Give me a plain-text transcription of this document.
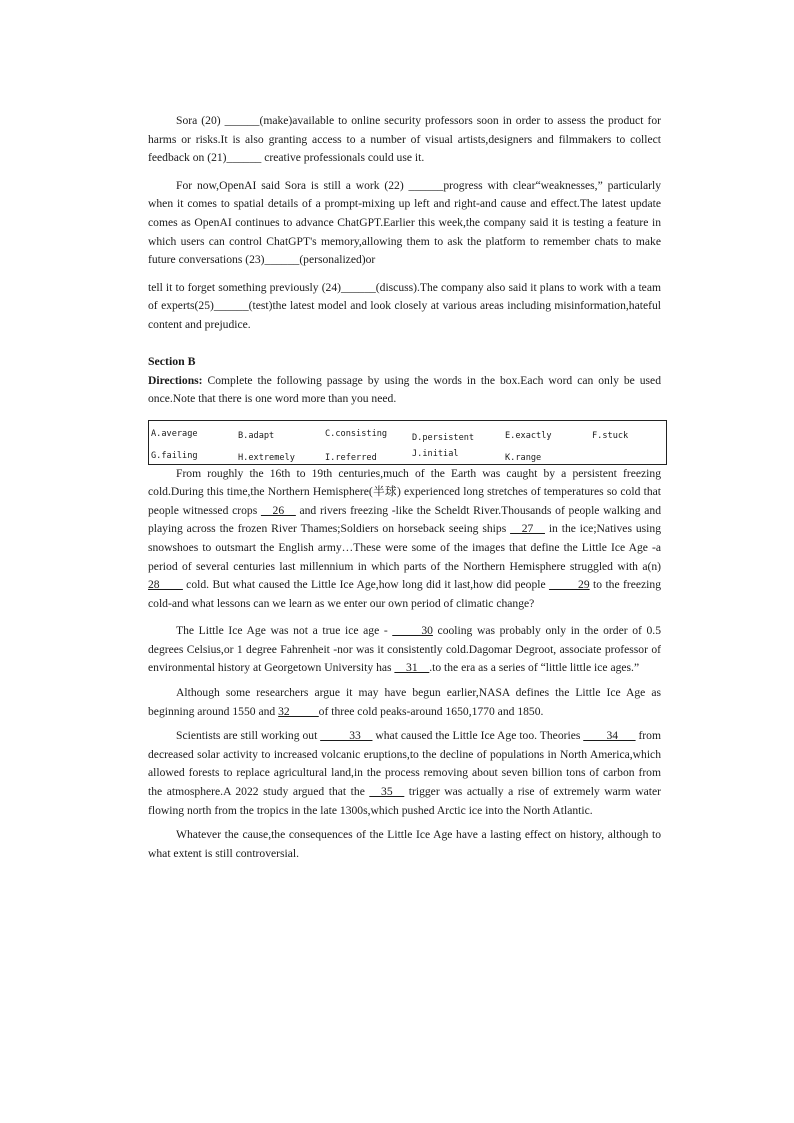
Sora (20) ______(make)available to online security professors soon in order to assess the product for harms or risks.It is also granting access to a number of visual artists,designers and filmmakers to collect feedback on (21)______ creative professionals could use it.

For now,OpenAI said Sora is still a work (22) ______progress with clear“weaknesses,” particularly when it comes to spatial details of a prompt-mixing up left and right-and cause and effect.The latest update comes as OpenAI continues to advance ChatGPT.Earlier this week,the company said it is testing a feature in which users can control ChatGPT's memory,allowing them to ask the platform to remember chats to make future conversations (23)______(personalized)or

tell it to forget something previously (24)______(discuss).The company also said it plans to work with a team of experts(25)______(test)the latest model and look closely at various areas including misinformation,hateful content and prejudice.

Section B

Directions: Complete the following passage by using the words in the box.Each word can only be used once.Note that there is one word more than you need.

A.average	B.adapt	C.consisting	D.persistent	E.exactly	F.stuck
G.failing	H.extremely	I.referred	J.initial	K.range

From roughly the 16th to 19th centuries,much of the Earth was caught by a persistent freezing cold.During this time,the Northern Hemisphere(半球) experienced long stretches of temperatures so cold that people witnessed crops __26__ and rivers freezing -like the Scheldt River.Thousands of people walking and playing across the frozen River Thames;Soldiers on horseback seeing ships __27__ in the ice;Natives using snowshoes to outsmart the English army…These were some of the images that define the Little Ice Age -a period of several centuries last millennium in which parts of the Northern Hemisphere struggled with a(n) 28____ cold. But what caused the Little Ice Age,how long did it last,how did people _____29 to the freezing cold-and what lessons can we learn as we enter our own period of climatic change?

The Little Ice Age was not a true ice age - _____30 cooling was probably only in the order of 0.5 degrees Celsius,or 1 degree Fahrenheit -nor was it consistently cold.Dagomar Degroot, associate professor of environmental history at Georgetown University has __31__.to the era as a series of “little little ice ages.”

Although some researchers argue it may have begun earlier,NASA defines the Little Ice Age as beginning around 1550 and 32_____of three cold peaks-around 1650,1770 and 1850.

Scientists are still working out _____33__ what caused the Little Ice Age too. Theories ____34___ from decreased solar activity to increased volcanic eruptions,to the decline of populations in North America,which allowed forests to replace agricultural land,in the process removing about seven billion tons of carbon from the atmosphere.A 2022 study argued that the __35__ trigger was actually a rise of extremely warm water flowing north from the tropics in the late 1300s,which pushed Arctic ice into the North Atlantic.

Whatever the cause,the consequences of the Little Ice Age have a lasting effect on history, although to what extent is still controversial.
